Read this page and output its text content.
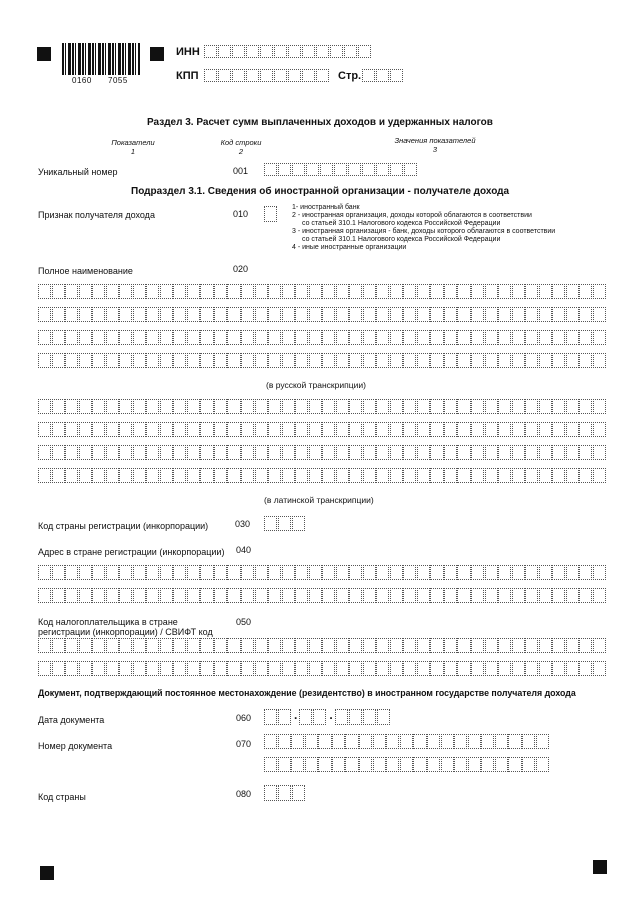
0160 7055
ИНН
КПП	Стр.
Раздел 3. Расчет сумм выплаченных доходов и удержанных налогов
Показатели
1
Код строки
2
Значения показателей
3
Уникальный номер	001
Подраздел 3.1. Сведения об иностранной организации - получателе дохода
Признак получателя дохода	010
1- иностранный банк
2 - иностранная организация, доходы которой облагаются в соответствии
со статьей 310.1 Налогового кодекса Российской Федерации
3 - иностранная организация - банк, доходы которого облагаются в соответствии
со статьей 310.1 Налогового кодекса Российской Федерации
4 - иные иностранные организации
Полное наименование	020
(в русской транскрипции)
(в латинской транскрипции)
Код страны регистрации (инкорпорации)	030
Адрес в стране регистрации (инкорпорации) 040
Код налогоплательщика в стране
регистрации (инкорпорации) / СВИФТ код
050
Документ, подтверждающий постоянное местонахождение (резидентство) в иностранном государстве получателя дохода
Дата документа	060	.	.
Номер документа	070
Код страны	080
